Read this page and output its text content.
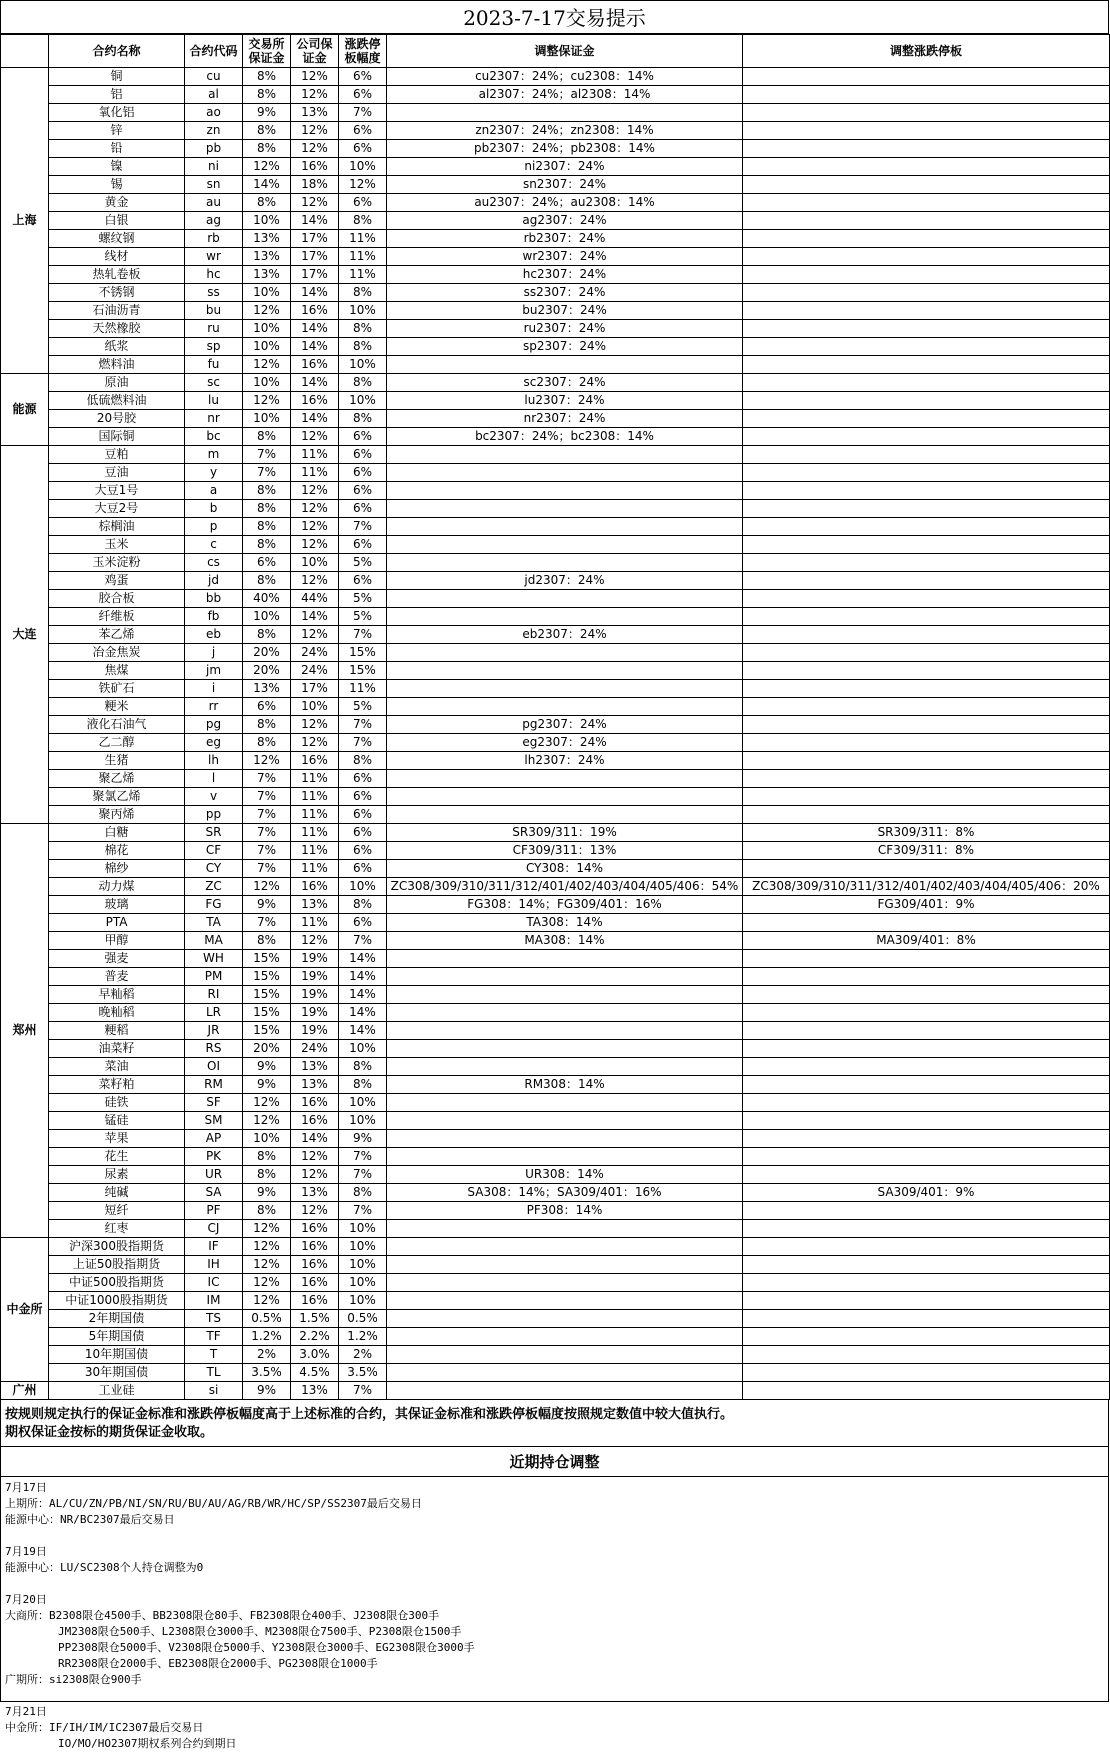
2023-7-17交易提示
	合约名称	合约代码	交易所保证金	公司保证金	涨跌停板幅度	调整保证金	调整涨跌停板
上海	铜	cu	8%	12%	6%	cu2307：24%；cu2308：14%	
	铝	al	8%	12%	6%	al2307：24%；al2308：14%	
	氧化铝	ao	9%	13%	7%		
	锌	zn	8%	12%	6%	zn2307：24%；zn2308：14%	
	铅	pb	8%	12%	6%	pb2307：24%；pb2308：14%	
	镍	ni	12%	16%	10%	ni2307：24%	
	锡	sn	14%	18%	12%	sn2307：24%	
	黄金	au	8%	12%	6%	au2307：24%；au2308：14%	
	白银	ag	10%	14%	8%	ag2307：24%	
	螺纹钢	rb	13%	17%	11%	rb2307：24%	
	线材	wr	13%	17%	11%	wr2307：24%	
	热轧卷板	hc	13%	17%	11%	hc2307：24%	
	不锈钢	ss	10%	14%	8%	ss2307：24%	
	石油沥青	bu	12%	16%	10%	bu2307：24%	
	天然橡胶	ru	10%	14%	8%	ru2307：24%	
	纸浆	sp	10%	14%	8%	sp2307：24%	
	燃料油	fu	12%	16%	10%		
能源	原油	sc	10%	14%	8%	sc2307：24%	
	低硫燃料油	lu	12%	16%	10%	lu2307：24%	
	20号胶	nr	10%	14%	8%	nr2307：24%	
	国际铜	bc	8%	12%	6%	bc2307：24%；bc2308：14%	
大连	豆粕	m	7%	11%	6%		
	豆油	y	7%	11%	6%		
	大豆1号	a	8%	12%	6%		
	大豆2号	b	8%	12%	6%		
	棕榈油	p	8%	12%	7%		
	玉米	c	8%	12%	6%		
	玉米淀粉	cs	6%	10%	5%		
	鸡蛋	jd	8%	12%	6%	jd2307：24%	
	胶合板	bb	40%	44%	5%		
	纤维板	fb	10%	14%	5%		
	苯乙烯	eb	8%	12%	7%	eb2307：24%	
	冶金焦炭	j	20%	24%	15%		
	焦煤	jm	20%	24%	15%		
	铁矿石	i	13%	17%	11%		
	粳米	rr	6%	10%	5%		
	液化石油气	pg	8%	12%	7%	pg2307：24%	
	乙二醇	eg	8%	12%	7%	eg2307：24%	
	生猪	lh	12%	16%	8%	lh2307：24%	
	聚乙烯	l	7%	11%	6%		
	聚氯乙烯	v	7%	11%	6%		
	聚丙烯	pp	7%	11%	6%		
郑州	白糖	SR	7%	11%	6%	SR309/311：19%	SR309/311：8%
	棉花	CF	7%	11%	6%	CF309/311：13%	CF309/311：8%
	棉纱	CY	7%	11%	6%	CY308：14%	
	动力煤	ZC	12%	16%	10%	ZC308/309/310/311/312/401/402/403/404/405/406：54%	ZC308/309/310/311/312/401/402/403/404/405/406：20%
	玻璃	FG	9%	13%	8%	FG308：14%；FG309/401：16%	FG309/401：9%
	PTA	TA	7%	11%	6%	TA308：14%	
	甲醇	MA	8%	12%	7%	MA308：14%	MA309/401：8%
	强麦	WH	15%	19%	14%		
	普麦	PM	15%	19%	14%		
	早籼稻	RI	15%	19%	14%		
	晚籼稻	LR	15%	19%	14%		
	粳稻	JR	15%	19%	14%		
	油菜籽	RS	20%	24%	10%		
	菜油	OI	9%	13%	8%		
	菜籽粕	RM	9%	13%	8%	RM308：14%	
	硅铁	SF	12%	16%	10%		
	锰硅	SM	12%	16%	10%		
	苹果	AP	10%	14%	9%		
	花生	PK	8%	12%	7%		
	尿素	UR	8%	12%	7%	UR308：14%	
	纯碱	SA	9%	13%	8%	SA308：14%；SA309/401：16%	SA309/401：9%
	短纤	PF	8%	12%	7%	PF308：14%	
	红枣	CJ	12%	16%	10%		
中金所	沪深300股指期货	IF	12%	16%	10%		
	上证50股指期货	IH	12%	16%	10%		
	中证500股指期货	IC	12%	16%	10%		
	中证1000股指期货	IM	12%	16%	10%		
	2年期国债	TS	0.5%	1.5%	0.5%		
	5年期国债	TF	1.2%	2.2%	1.2%		
	10年期国债	T	2%	3.0%	2%		
	30年期国债	TL	3.5%	4.5%	3.5%		
广州	工业硅	si	9%	13%	7%		
按规则规定执行的保证金标准和涨跌停板幅度高于上述标准的合约，其保证金标准和涨跌停板幅度按照规定数值中较大值执行。
期权保证金按标的期货保证金收取。
近期持仓调整
7月17日
上期所：AL/CU/ZN/PB/NI/SN/RU/BU/AU/AG/RB/WR/HC/SP/SS2307最后交易日
能源中心：NR/BC2307最后交易日
7月19日
能源中心：LU/SC2308个人持仓调整为0
7月20日
大商所：B2308限仓4500手、BB2308限仓80手、FB2308限仓400手、J2308限仓300手
JM2308限仓500手、L2308限仓3000手、M2308限仓7500手、P2308限仓1500手
PP2308限仓5000手、V2308限仓5000手、Y2308限仓3000手、EG2308限仓3000手
RR2308限仓2000手、EB2308限仓2000手、PG2308限仓1000手
广期所：si2308限仓900手
7月21日
中金所：IF/IH/IM/IC2307最后交易日
IO/MO/HO2307期权系列合约到期日
